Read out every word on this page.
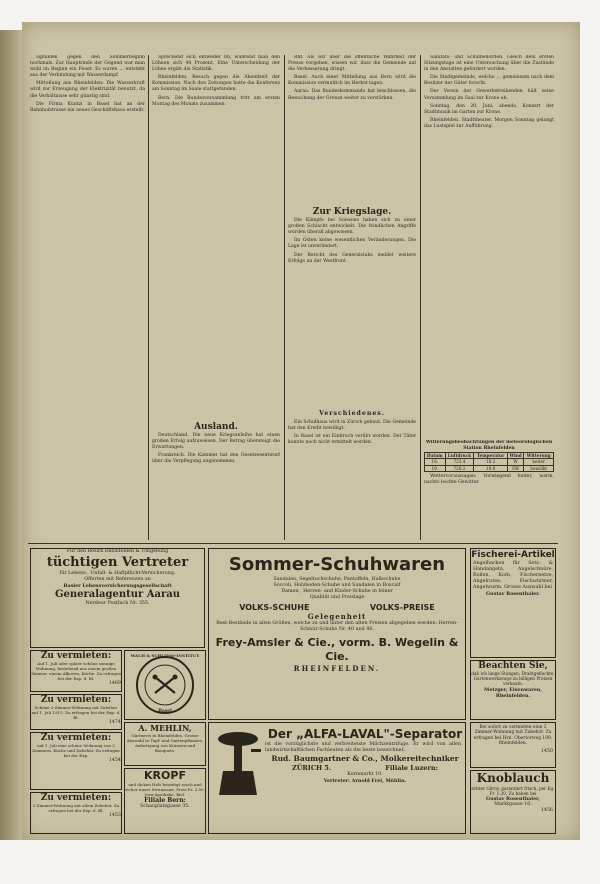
Isphilden gegen den Sommerbeginn nochmals. Zur Hauptrinde der Gegend war man wohl im Beginn ein Feuer. Es waren ... entsteht aus der Verbindung mit Wasserdampf.

Mitteilung aus Rheinfelden: Die Wasserkraft wird zur Erzeugung der Elektrizität benutzt, da die Verhältnisse sehr günstig sind.

Die Firma Küntzi in Basel hat an der Bahnhofstrasse ein neues Geschäftshaus erstellt.

Sprechend sich entweder 0b, während man den Löhnen sich 40 Prozent. Eine Unterscheidung der Löhne ergibt die Statistik.

Rheinfelden. Besuch gegen die Abendzeit der Kommission. Nach den Zeitungen hatte die Konferenz am Sonntag im Saale stattgefunden.

Bern. Die Bundesversammlung tritt am ersten Montag des Monats zusammen.

Ausland.

Deutschland. Die neue Kriegsanleihe hat einen großen Erfolg aufzuweisen. Der Betrag übersteigt die Erwartungen.

Frankreich. Die Kammer hat den Gesetzesentwurf über die Verpflegung angenommen.

Rhf. Als wir über die öffentliche Wahrheit der Presse vorgehen, wissen wir, dass die Gemeinde auf die Verbesserung dringt.

Basel. Auch einer Mitteilung aus Bern wird die Kommission vermutlich im Herbst tagen.

Aarau. Das Bundeskommando hat beschlossen, die Bewachung der Grenze weiter zu verstärken.

Zur Kriegslage.

Die Kämpfe bei Soissons haben sich zu einer großen Schlacht entwickelt. Die feindlichen Angriffe wurden überall abgewiesen.

Im Osten keine wesentlichen Veränderungen. Die Lage ist unverändert.

Der Bericht des Generalstabs meldet weitere Erfolge an der Westfront.

Verschiedenes.

Ein Schulhaus wird in Zürich gebaut. Die Gemeinde hat den Kredit bewilligt.

In Basel ist ein Einbruch verübt worden. Der Täter konnte noch nicht ermittelt werden.

Sanitäts- und Schulbehörden. Gleich dem ersten Sitzungstage ist eine Untersuchung über die Zustände in den Anstalten gefordert worden.

Die Stadtgemeinde, welche ... gemeinsam nach dem Besitzer der Güter forscht.

Der Verein der Gewerbetreibenden hält seine Versammlung im Saal zur Krone ab.

Sonntag, den 20. Juni, abends, Konzert der Stadtmusik im Garten zur Krone.

Rheinfelden. Stadttheater. Morgen Sonntag gelangt das Lustspiel zur Aufführung.

Witterungsbeobachtungen der meteorologischen Station Rheinfelden
Datum	Luftdruck	Temperatur	Wind	Witterung
18.	725.4	18.2	W	heiter
19.	726.1	19.0	SW	bewölkt

Wettervoraussagen: Vorwiegend heiter, warm, nachts leichte Gewitter.

Für den Bezirk Rheinfelden & Umgebung
tüchtigen Vertreter
für Lebens-, Unfall- & Haftpflicht-Versicherung.
Offerten mit Referenzen an
Basler Lebensversicherungsgesellschaft
Generalagentur Aarau
Nerdeur Postfach Nr. 355.
Sommer-Schuhwaren
Sandalen, Segeltuchschuhe, Pantoffeln, Halbschuhe
Soccoli, Holzboden-Schuhe und Sandalen in Boxcalf
Damen-, Herren- und Kinder-Schuhe in feiner
Qualität und Preislage
VOLKS-SCHUHE	VOLKS-PREISE
Gelegenheit
Rest-Bestände in allen Größen, welche zu und unter den alten Preisen abgegeben werden: Herren-Schnür-Schuhe Nr. 40 und 46.
Frey-Amsler & Cie., vorm. B. Wegelin & Cie.
RHEINFELDEN.
Fischerei-Artikel
Angelhacken für Setz- & Handangeln, Angelschnüre, Rollen, Korb, Fischernetze, Angelruten, Fischwürmer, Angelwurm. Grosse Auswahl bei
Gustav Rosenthaler.
Zu vermieten:
Auf 1. Juli oder später schöne sonnige Wohnung, bestehend aus einem großen Zimmer, einem Alkoven, Küche. Zu erfragen bei der Exp. d. Bl.
1469
Zu vermieten:
Schöne 2-Zimmer-Wohnung mit Zubehör auf 1. Juli 1915. Zu erfragen bei der Exp. d. Bl.
1474
Zu vermieten:
auf 1. Juli eine schöne Wohnung von 3 Zimmern, Küche und Zubehör. Zu erfragen bei der Exp.
1454
Zu vermieten:
2-Zimmer-Wohnung mit allem Zubehör. Zu erfragen bei der Exp. d. Bl.
1453
WACH & SCHLIESS-INSTITUT
Basel
A. MEHLIN,
Gärtnerei in Rheinfelden. Grosse Auswahl in Topf- und Gartenpflanzen. Anfertigung von Kränzen und Bouquets.
KROPF
und dicken Hals beseitigt rasch und sicher unser Strumasan. Preis Fr. 2.50. Jura-Apotheke, Biel.
Filiale Bern:
Schauplatzgasse 35.
Der „ALFA-LAVAL"-Separator
ist die vorzüglichste und verbreitetste Milchzentrifuge. Er wird von allen landwirtschaftlichen Fachleuten als die beste bezeichnet.
Rud. Baumgartner & Co., Molkereitechniker
ZÜRICH 5.	Filiale Luzern:
Kornmarkt 10.
Vertreter: Arnold Frei, Möhlin.
Beachten Sie,
daß ich lange Stangen, Drahtgeflechte, Gartenwerkzeuge zu billigen Preisen verkaufe.
Metzger, Eisenwaren, Rheinfelden.
Bei sofort zu vermieten eine 2 Zimmer-Wohnung mit Zubehör. Zu erfragen bei Hrn. Obertorweg 189, Rheinfelden.
1450
Knoblauch
echter Gilroy, garantiert frisch, per Kg. Fr. 1.20. Zu haben bei
Gustav Rosenthaler,
Marktgasse 10.
1456
